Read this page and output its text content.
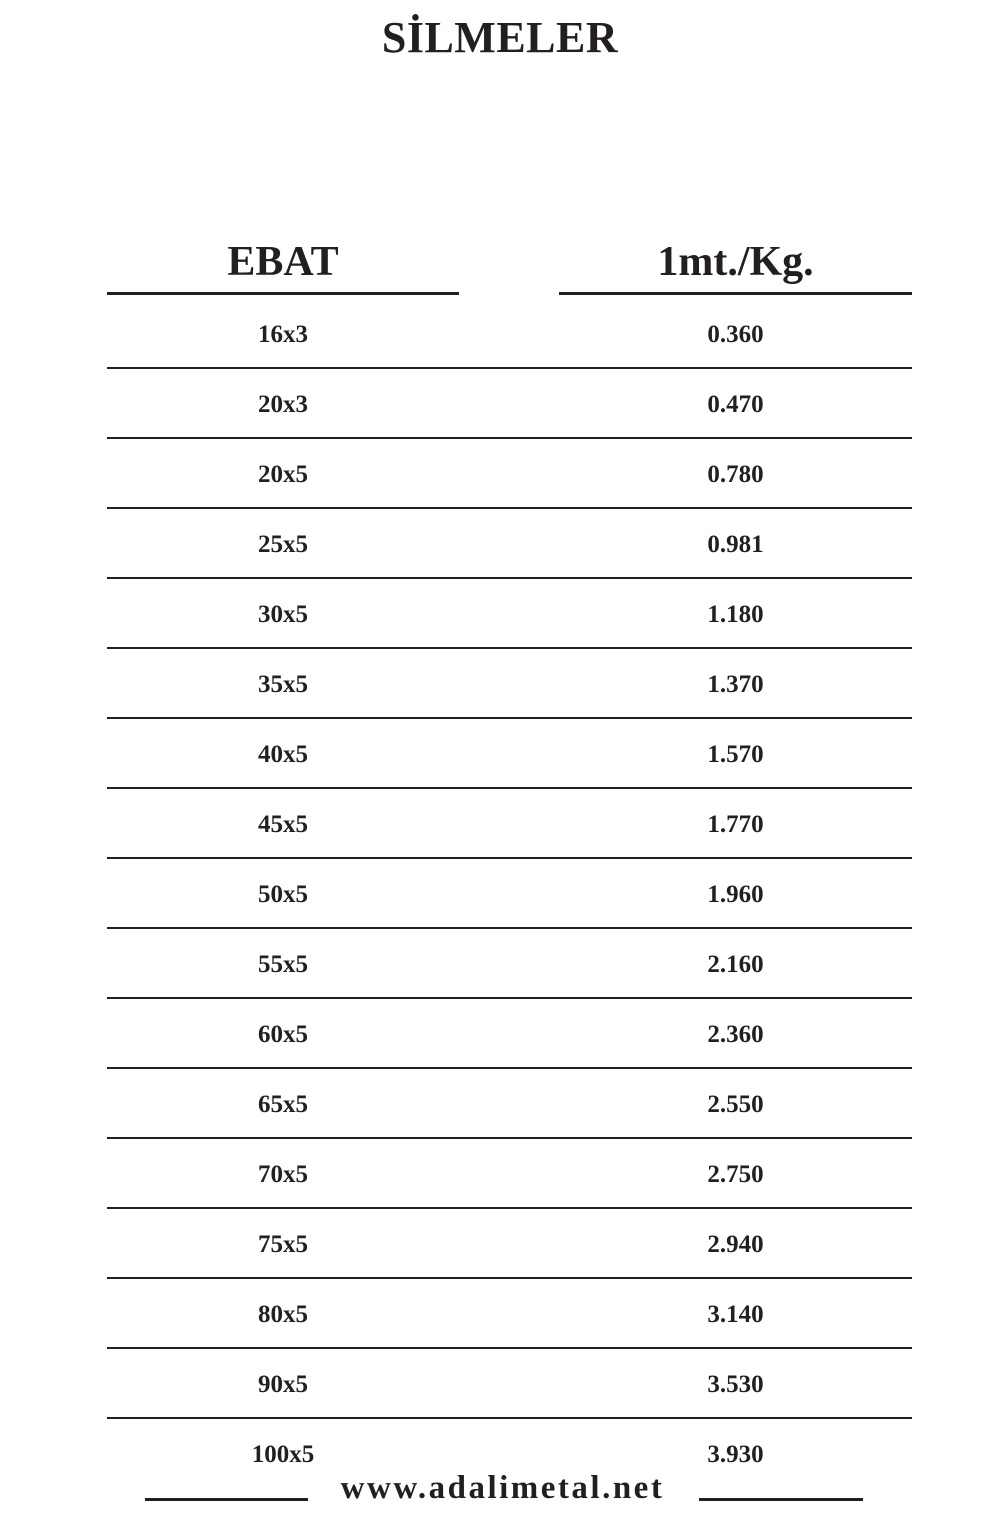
SİLMELER
EBAT	1mt./Kg.
16x3	0.360
20x3	0.470
20x5	0.780
25x5	0.981
30x5	1.180
35x5	1.370
40x5	1.570
45x5	1.770
50x5	1.960
55x5	2.160
60x5	2.360
65x5	2.550
70x5	2.750
75x5	2.940
80x5	3.140
90x5	3.530
100x5	3.930
www.adalimetal.net
